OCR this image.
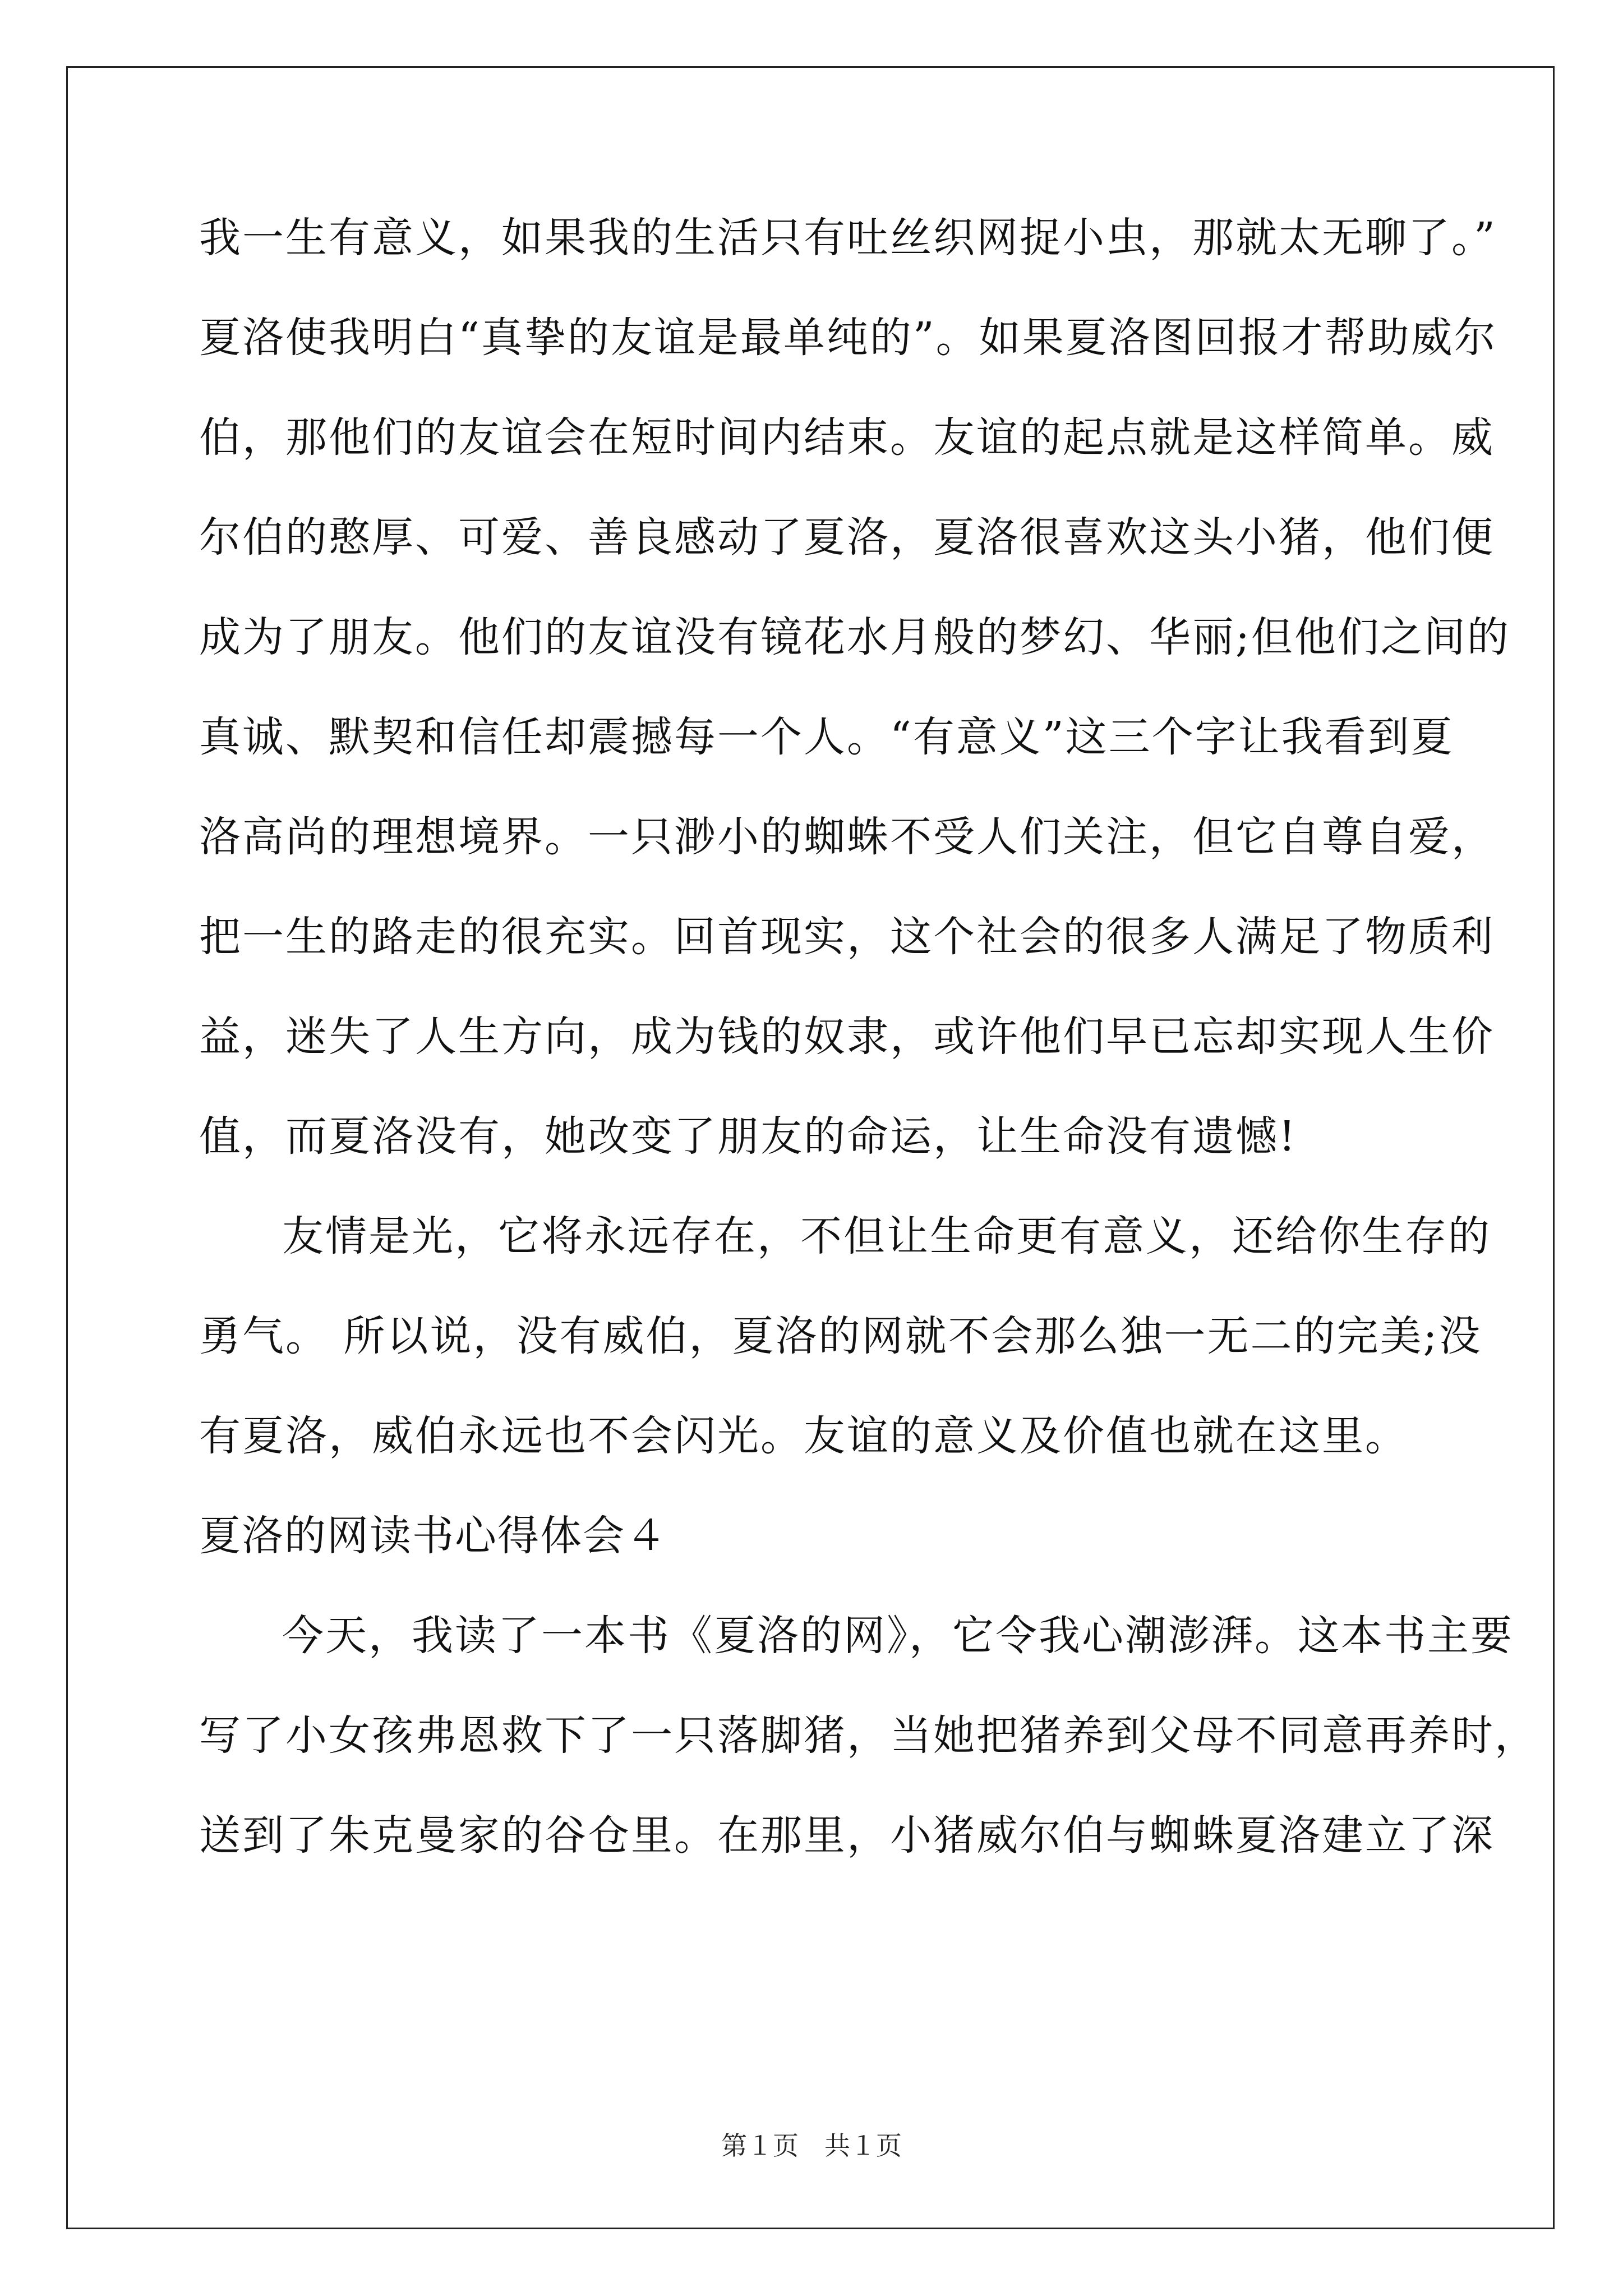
我一生有意义，如果我的生活只有吐丝织网捉小虫，那就太无聊了。”
夏洛使我明白“真挚的友谊是最单纯的”。如果夏洛图回报才帮助威尔
伯，那他们的友谊会在短时间内结束。友谊的起点就是这样简单。威
尔伯的憨厚、可爱、善良感动了夏洛，夏洛很喜欢这头小猪，他们便
成为了朋友。他们的友谊没有镜花水月般的梦幻、华丽;但他们之间的
真诚、默契和信任却震撼每一个人。“有意义”这三个字让我看到夏
洛高尚的理想境界。一只渺小的蜘蛛不受人们关注，但它自尊自爱，
把一生的路走的很充实。回首现实，这个社会的很多人满足了物质利
益，迷失了人生方向，成为钱的奴隶，或许他们早已忘却实现人生价
值，而夏洛没有，她改变了朋友的命运，让生命没有遗憾!
友情是光，它将永远存在，不但让生命更有意义，还给你生存的
勇气。 所以说，没有威伯，夏洛的网就不会那么独一无二的完美;没
有夏洛，威伯永远也不会闪光。友谊的意义及价值也就在这里。
夏洛的网读书心得体会４
今天，我读了一本书《夏洛的网》，它令我心潮澎湃。这本书主要
写了小女孩弗恩救下了一只落脚猪，当她把猪养到父母不同意再养时，
送到了朱克曼家的谷仓里。在那里，小猪威尔伯与蜘蛛夏洛建立了深
第１页　共１页
